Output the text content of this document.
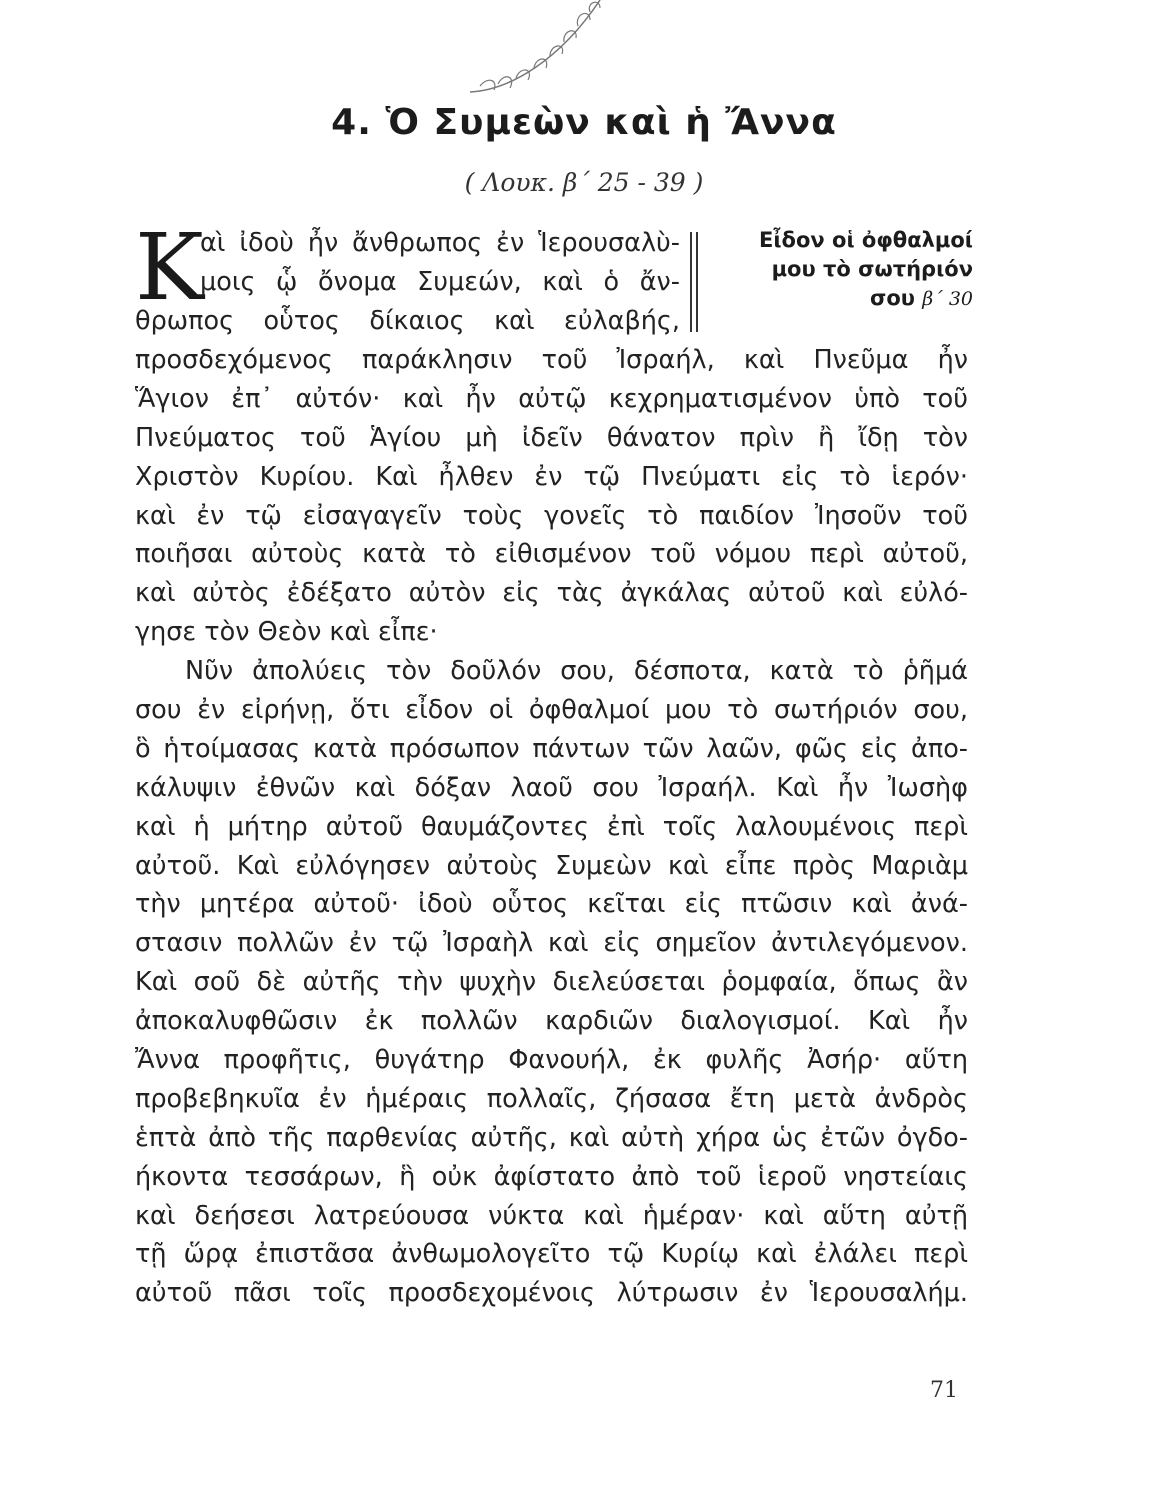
4. Ὁ Συμεὼν καὶ ἡ Ἄννα
( Λουκ. β΄ 25 - 39 )
Κ
αὶ ἰδοὺ ἦν ἄνθρωπος ἐν Ἱερουσαλὺ-
μοις ᾧ ὄνομα Συμεών, καὶ ὁ ἄν-
θρωπος οὗτος δίκαιος καὶ εὐλαβής,
Εἶδον οἱ ὀφθαλμοί
μου τὸ σωτήριόν
σου β΄ 30
προσδεχόμενος παράκλησιν τοῦ Ἰσραήλ, καὶ Πνεῦμα ἦν
Ἅγιον ἐπ᾿ αὐτόν· καὶ ἦν αὐτῷ κεχρηματισμένον ὑπὸ τοῦ
Πνεύματος τοῦ Ἁγίου μὴ ἰδεῖν θάνατον πρὶν ἢ ἴδῃ τὸν
Χριστὸν Κυρίου. Καὶ ἦλθεν ἐν τῷ Πνεύματι εἰς τὸ ἱερόν·
καὶ ἐν τῷ εἰσαγαγεῖν τοὺς γονεῖς τὸ παιδίον Ἰησοῦν τοῦ
ποιῆσαι αὐτοὺς κατὰ τὸ εἰθισμένον τοῦ νόμου περὶ αὐτοῦ,
καὶ αὐτὸς ἐδέξατο αὐτὸν εἰς τὰς ἀγκάλας αὐτοῦ καὶ εὐλό-
γησε τὸν Θεὸν καὶ εἶπε·
Νῦν ἀπολύεις τὸν δοῦλόν σου, δέσποτα, κατὰ τὸ ῥῆμά
σου ἐν εἰρήνῃ, ὅτι εἶδον οἱ ὀφθαλμοί μου τὸ σωτήριόν σου,
ὃ ἡτοίμασας κατὰ πρόσωπον πάντων τῶν λαῶν, φῶς εἰς ἀπο-
κάλυψιν ἐθνῶν καὶ δόξαν λαοῦ σου Ἰσραήλ. Καὶ ἦν Ἰωσὴφ
καὶ ἡ μήτηρ αὐτοῦ θαυμάζοντες ἐπὶ τοῖς λαλουμένοις περὶ
αὐτοῦ. Καὶ εὐλόγησεν αὐτοὺς Συμεὼν καὶ εἶπε πρὸς Μαριὰμ
τὴν μητέρα αὐτοῦ· ἰδοὺ οὗτος κεῖται εἰς πτῶσιν καὶ ἀνά-
στασιν πολλῶν ἐν τῷ Ἰσραὴλ καὶ εἰς σημεῖον ἀντιλεγόμενον.
Καὶ σοῦ δὲ αὐτῆς τὴν ψυχὴν διελεύσεται ῥομφαία, ὅπως ἂν
ἀποκαλυφθῶσιν ἐκ πολλῶν καρδιῶν διαλογισμοί. Καὶ ἦν
Ἄννα προφῆτις, θυγάτηρ Φανουήλ, ἐκ φυλῆς Ἀσήρ· αὕτη
προβεβηκυῖα ἐν ἡμέραις πολλαῖς, ζήσασα ἔτη μετὰ ἀνδρὸς
ἑπτὰ ἀπὸ τῆς παρθενίας αὐτῆς, καὶ αὐτὴ χήρα ὡς ἐτῶν ὀγδο-
ήκοντα τεσσάρων, ἣ οὐκ ἀφίστατο ἀπὸ τοῦ ἱεροῦ νηστείαις
καὶ δεήσεσι λατρεύουσα νύκτα καὶ ἡμέραν· καὶ αὕτη αὐτῇ
τῇ ὥρᾳ ἐπιστᾶσα ἀνθωμολογεῖτο τῷ Κυρίῳ καὶ ἐλάλει περὶ
αὐτοῦ πᾶσι τοῖς προσδεχομένοις λύτρωσιν ἐν Ἱερουσαλήμ.
71
